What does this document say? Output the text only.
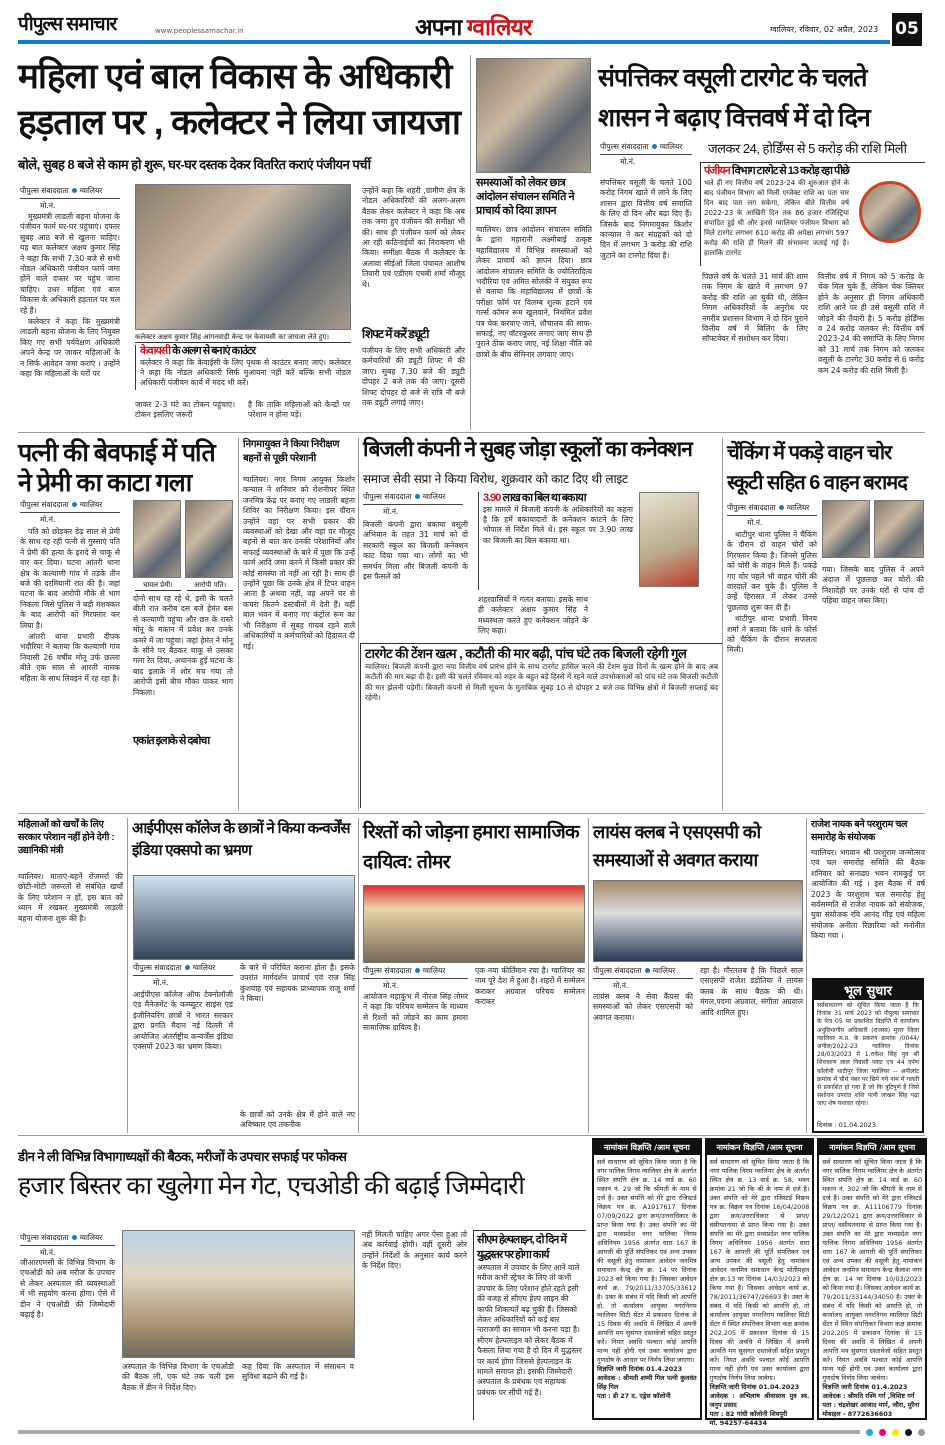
पीपुल्स समाचार	www.peoplessamachar.in	अपना ग्वालियर	ग्वालियर, रविवार, 02 अप्रैल, 2023 05
महिला एवं बाल विकास के अधिकारी
हड़ताल पर , कलेक्टर ने लिया जायजा
बोले, सुबह 8 बजे से काम हो शुरू, घर-घर दस्तक देकर वितरित कराएं पंजीयन पर्ची
पीपुल्स संवाददाता ग्वालियर
मो.नं.

मुख्यमंत्री लाडली बहना योजना के पंजीयन फार्म घर-घर पहुंचाएं। दफ्तर सुबह आठ बजे से खुलना चाहिए। यह बात कलेक्टर अक्षय कुमार सिंह ने कहा कि सभी 7.30 बजे से सभी नोडल अधिकारी पंजीयन फार्म जमा होने वाले दफ्तर पर पहुंच जाना चाहिए। उधर महिला एवं बाल विकास के अधिकारी हड़ताल पर चल रहे हैं।

कलेक्टर ने कहा कि मुख्यमंत्री लाडली बहना योजना के लिए नियुक्त किए गए सभी पर्यवेक्षण अधिकारी अपने केन्द्र पर जाकर महिलाओं के न सिर्फ आवेदन जमा कराएं । उन्होंने कहा कि महिलाओं के घरों पर

कलेक्टर अक्षय कुमार सिंह आंगनवाड़ी केन्द्र पर केवायसी का जायजा लेते हुए।
केवायसी के अलग से बनाएं काउंटर
कलेक्टर ने कहा कि केवाईसी के लिए पृथक से काउंटर बनाए जाएं। कलेक्टर ने कहा कि नोडल अधिकारी सिर्फ मुआयना नहीं करें बल्कि सभी नोडल अधिकारी पंजीयन कार्य में मदद भी करें।
जाकर 2-3 घंटे का टोकन पहुंचाएं। टोकन इसलिए जरूरी
है कि ताकि महिलाओं को केन्द्रों पर परेशान न होना पड़े।
उन्होंने कहा कि शहरी ,ग्रामीण क्षेत्र के नोडल अधिकारियों की अलग-अलग बैठक लेकर कलेक्टर ने कहा कि अब तक जमा हुए पंजीयन की समीक्षा भी की। साथ ही पंजीयन फार्म को लेकर आ रही कठिनाईयों का निराकरण भी किया। समीक्षा बैठक में कलेक्टर के अलावा सीईओ जिला पंचायत आशीष तिवारी एवं एडीएम एचबी शर्मा मौजूद थे।
शिफ्ट में करें ड्यूटी
पंजीयन के लिए सभी अधिकारी और कर्मचारियों की ड्यूटी शिफ्ट में की जाए। सुबह 7.30 बजे की ड्यूटी दोपहर 2 बजे तक की जाए। दूसरी शिफ्ट दोपहर दो बजे से रात्रि नौ बजे तक ड्यूटी लगाई जाए।
समस्याओं को लेकर छात्र आंदोलन संचालन समिति ने प्राचार्य को दिया ज्ञापन
ग्वालियर। छात्र आंदोलन संचालन समिति के द्वारा महारानी लक्ष्मीबाई उत्कृष्ट महाविद्यालय में विभिन्न समस्याओं को लेकर प्राचार्य को ज्ञापन दिया। छात्र आंदोलन संचालन समिति के ज्योतिरादित्य भदौरिया एवं अमित सोलंकी ने संयुक्त रूप से बताया कि महाविद्यालय में छात्रों के परीक्षा फॉर्म पर विलम्ब शुल्क हटाने एवं गर्ल्स कॉमन रूम खुलवाने, नियमित प्रवेश पत्र चेक करवाए जाने, शौचालय की साफ-सफाई, नए वॉटरकूलर लगाए जाए साथ ही पुराने ठीक कराए जाए, नई शिक्षा नीति को छात्रों के बीच सेमिनार लगवाए जाए।
संपत्तिकर वसूली टारगेट के चलते
शासन ने बढ़ाए वित्तवर्ष में दो दिन
पीपुल्स संवाददाता ग्वालियर
मो.नं.
संपत्तिकर वसूली के चलते 100 करोड़ निगम खाते में लाने के लिए शासन द्वारा वित्तीय वर्ष समाप्ति के लिए दो दिन और बढ़ा दिए हैं। जिसके बाद निगमायुक्त किशोर कान्याल ने कर संग्रहकों को दो दिन में लगभग 3 करोड़ की राशि जुटाने का टारगेट दिया है।
जलकर 24, होर्डिंग्स से 5 करोड़ की राशि मिली
पंजीयन विभाग टारगेट से 13 करोड़ रहा पीछे
भले ही नए वित्तीय वर्ष 2023-24 की शुरुआत होने के बाद पंजीयन विभाग को मिली एग्जेक्ट राशि का पता चार दिन बाद पता लग सकेगा, लेकिन बीते वित्तीय वर्ष 2022-23 के आखिरी दिन तक 66 हजार रजिस्ट्रियां संपादित हुई थी और इनसे ग्वालियर पंजीयन विभाग को मिले टारगेट लगभग 610 करोड़ की अपेक्षा लगभग 597 करोड़ की राशि ही मिलने की संभावना जताई गई है। हालांकि टारगेट
पिछले वर्ष के चलते 31 मार्च की शाम तक निगम के खाते में लगभग 97 करोड़ की राशि आ चुकी थी, लेकिन निगम अधिकारियों के अनुरोध पर नगरीय प्रशासन विभाग ने दो दिन पुराने वित्तीय वर्ष में बिलिंग के लिए सॉफ्टवेयर में संशोधन कर दिया।
वित्तीय वर्ष में निगम को 5 करोड़ के चेक मिल चुके हैं, लेकिन चेक क्लियर होने के अनुसार ही निगम अधिकारी राशि आने पर ही उसे वसूली राशि में जोड़ने की तैयारी है। 5 करोड़ होर्डिंग्स व 24 करोड़ जलकर से: वित्तीय वर्ष 2023-24 की समाप्ति के लिए निगम को 31 मार्च तक निगम को जलकर वसूली के टारगेट 30 करोड़ से 6 करोड़ कम 24 करोड़ की राशि मिली है।
पत्नी की बेवफाई में पति
ने प्रेमी का काटा गला
पीपुल्स संवाददाता ग्वालियर
मो.नं.

पति को छोड़कर डेढ़ साल से प्रेमी के साथ रह रही पत्नी से गुस्साएं पति ने प्रेमी की हत्या के इरादे से चाकू से वार कर दिया। घटना आंतरी थाना क्षेत्र के कल्याणी गांव में तड़के तीन बजे की दरमियानी रात की है। जहां घटना के बाद आरोपी मौके से भाग निकला जिसे पुलिस ने बड़ी मशक्कत के बाद आरोपी को गिरफ्तार कर लिया है।

आंतरी थाना प्रभारी दीपक भदौरिया ने बताया कि कल्याणी गांव निवासी 26 वर्षीय मोनू उर्फ छल्ला बीते एक साल से आरती नामक महिला के साथ लिवइन में रह रहा है।

घायल प्रेमी।	आरोपी पति।
दोनो साथ रह रहे थे, इसी के चलते बीती रात करीब दस बजे हेमंत बस से कल्याणी पहुंचा और छत के रास्ते मोनू के मकान में प्रवेश कर उनके कमरे में जा पहुंचा। जहां हेमंत ने मोनू के सीने पर बैठकर चाकू से उसका गला रेत दिया, अचानक हुई घटना के बाद इलाके में शोर मच गया तो आरोपी इसी बीच मौका पाकर भाग निकला।
एकांत इलाके से दबोचा
निगमायुक्त ने किया निरीक्षण बहनों से पूछी परेशानी
ग्वालियर। नगर निगम आयुक्त किशोर कन्याल ने शनिवार को रोशनीघर स्थित जनमित्र केंद्र पर बनाए गए लाडली बहना शिविर का निरीक्षण किया। इस दौरान उन्होंने वहां पर सभी प्रकार की व्यवस्थाओं को देखा और वहां पर मौजूद बहनों से बात कर उनकी परेशानियों और सफाई व्यवस्थाओं के बारे में पूछा कि उन्हें फार्म आदि जमा करने में किसी प्रकार की कोई समस्या तो नहीं आ रही है। साथ ही उन्होंने पूछा कि उनके क्षेत्र में टिपर वाहन आता है अथवा नहीं, वह अपने घर से कचरा कितने डस्टबीनों में देती हैं। वहीं बाल भवन में बनाए गए कंट्रोल रूम का भी निरीक्षण में सुबह गायब रहने वाले अधिकारियों व कर्मचारियों को हिदायत दी गई।
बिजली कंपनी ने सुबह जोड़ा स्कूलों का कनेक्शन
समाज सेवी सप्रा ने किया विरोध, शुक्रवार को काट दिए थी लाइट
पीपुल्स संवाददाता ग्वालियर
मो.नं.
बिजली कंपनी द्वारा बकाया वसूली अभियान के तहत 31 मार्च को दो सरकारी स्कूल का बिजली कनेक्शन काट दिया गया था। लोगों का भी समर्थन मिला और बिजली कंपनी के इस फैसले को
3.90 लाख का बिल था बकाया
इस मामले में बिजली कंपनी के अधिकारियों का कहना है कि हमें बकायादारों के कनेक्शन काटने के लिए भोपाल से निर्देश मिले थे। इस स्कूल पर 3.90 लाख का बिजली का बिल बकाया था।
शहरवासियों ने गलत बताया। इसके साथ ही कलेक्टर अक्षय कुमार सिंह ने मध्यस्थता करते हुए कनेक्शन जोड़ने के लिए कहा।
टारगेट की टेंशन खत्म , कटौती की मार बढ़ी, पांच घंटे तक बिजली रहेगी गुल
ग्वालियर। बिजली कंपनी द्वारा नया वित्तीय वर्ष प्रारंभ होने के साथ टारगेट हासिल करने की टेंशन कुछ दिनों के खत्म होने के बाद अब कटौती की मार बढ़ा दी है। इसी की चलते रविवार को शहर के बहुत बड़े हिस्से में रहने वाले उपभोक्ताओं को पांच घंटे तक बिजली कटौती की मार झेलनी पड़ेगी। बिजली कंपनी से मिली सूचना के मुताबिक सुबह 10 से दोपहर 2 बजे तक विभिन्न क्षेत्रों में बिजली सप्लाई बंद रहेगी।
चेंकिंग में पकड़े वाहन चोर
स्कूटी सहित 6 वाहन बरामद
पीपुल्स संवाददाता ग्वालियर
मो.नं.

थाटीपुर थाना पुलिस ने चैकिंग के दौरान दो वाहन चोरों को गिरफ्तार किया है। जिनसे पुलिस को चोरी के वाहन मिले हैं। पकड़े गए चोर पहले भी वाहन चोरी की वारदातें कर चुके हैं। पुलिस ने उन्हें हिरासत में लेकर उनसे पूछताछ शुरू कर दी है।

थाटीपुर थाना प्रभारी विनय शर्मा ने बताया कि थाने के फोर्स को चैकिंग के दौरान सफलता मिली।

गया। जिसके बाद पुलिस ने अपने अंदाज में पूछताछ कर चोरों की निशादेही पर उनके घरों से पांच दो पहिया वाहन जब्त किए।
महिलाओं को खर्चों के लिए सरकार परेशान नहीं होने देगी : उद्यानिकी मंत्री
ग्वालियर। माताएं-बहनें रोजमर्रा की छोटी-मोटी जरूरतों से संबंधित खर्चों के लिए परेशान न हों, इस बात को ध्यान में रखकर मुख्यमंत्री लाड़ली बहना योजना शुरू की है।
आईपीएस कॉलेज के छात्रों ने किया कन्वर्जेंस इंडिया एक्सपो का भ्रमण
पीपुल्स संवाददाता ग्वालियर
मो.नं.
आईपीएस कॉलेज ऑफ टेक्नोलॉजी एंड मैनेजमेंट के कम्प्यूटर साइंस एंड इंजीनियरिंग छात्रों ने भारत सरकार द्वारा प्रगति मैदान नई दिल्ली में आयोजित अंतर्राष्ट्रीय कन्वर्जेंस इंडिया एक्सपो 2023 का भ्रमण किया।
के बारे में परिचित कराना होता है। इसके उपरांत मार्गदर्शन प्राचार्य एवं राज सिंह कुशवाह एवं सहायक प्राध्यापक राजू शर्मा ने किया।
के छात्रों को उनके क्षेत्र में होने वाले नए अविष्कार एवं तकनीक
रिश्तों को जोड़ना हमारा सामाजिक दायित्व: तोमर
पीपुल्स संवाददाता ग्वालियर
मो.नं.
आयोजन महाकुंभ में नीरज सिंह तोमर ने कहा कि परिचय सम्मेलन के माध्यम से रिश्तों को जोड़ने का काम हमारा सामाजिक दायित्व है।
एक नया कीर्तिमान रचा है। ग्वालियर का नाम पूरे देश में हुआ है। शहरों में सम्मेलन कराकर अग्रवाल परिचय सम्मेलन कराकर
लायंस क्लब ने एसएसपी को समस्याओं से अवगत कराया
पीपुल्स संवाददाता ग्वालियर
मो.नं.
लायंस क्लब ने सेवा कैंपस की समस्याओं को लेकर एसएसपी को अवगत कराया।
रहा है। गौरतलब है कि पिछले साल एसएसपी राजेश डंडोतिया ने लायंस क्लब के साथ बैठक की थी। मंगल,पदमा अग्रवाल, संगीता अग्रवाल आदि शामिल हुए।
राजेश नायक बने परशुराम चल समारोह के संयोजक
ग्वालियर। भगवान श्री परशुराम जन्मोत्सव एवं चल समारोह समिति की बैठक शनिवार को सनाढ्य भवन रामकुई पर आयोजित की गई । इस बैठक में वर्ष 2023 के परशुराम चल समारोह हेतु सर्वसम्मति से राजेश नायक को संयोजक, युवा संयोजक रवि आनंद गौड़ एवं महिला संयोजक अनीता रिछारिया को मनोनीत किया गया ।
भूल सुधार
सर्वसाधारण को सूचित किया जाता है कि दिनांक 31 मार्च 2023 को पीपुल्स समाचार के पेज 05 पर प्रकाशित विज्ञप्ति में कार्यालय अनुविभागीय अधिकारी (राजस्व) मुरार जिला ग्वालियर म.प्र. के प्रकरण क्रमांक /0044/अपील/2022-23 ग्वालियर दिनांक 28/03/2023 में 1.राकेश सिंह पुत्र श्री शिवचरण लाल निवासी प्लाट एच 44 दर्पण कॉलोनी थाटीपुर जिला ग्वालियर -- अपीलांट क्रमांक में चौथे नंबर पर छिपे गये नाम में गलती से प्रकाशित हो गया है जो कि त्रुटिपूर्ण है जिसे संशोधन उपरांत शशि पत्नी लाखन सिंह पढ़ा जाए शेष यथावत रहेगा।
दिनांक : 01.04.2023
डीन ने ली विभिन्न विभागाध्यक्षों की बैठक, मरीजों के उपचार सफाई पर फोकस
हजार बिस्तर का खुलेगा मेन गेट, एचओडी की बढ़ाई जिम्मेदारी
पीपुल्स संवाददाता ग्वालियर
मो.नं.
जीआरएमसी के विभिन्न विभाग के एचओडी को अब मरीज के उपचार से लेकर अस्पताल की व्यवस्थाओं में भी सहयोग करना होगा। ऐसे में डीन ने एचओडी की जिम्मेदारी बढ़ाई है।
अस्पताल के विभिन्न विभाग के एचओडी की बैठक ली, एक घंटे तक चली इस बैठक में डीन ने निर्देश दिए।
कह दिया कि अस्पताल में संसाधन व सुविधा बढ़ाने की गई है।
नहीं मिलती चाहिए अगर ऐसा हुआ तो अब कार्रवाई होगी। वहीं दूसरी ओर उन्होंने निर्देशों के अनुसार कार्य करने के निर्देश दिए।
सीएम हेल्पलाइन, दो दिन में युद्धस्तर पर होगा कार्य
अस्पताल में उपचार के लिए आने वाले मरीज कभी स्ट्रेचर के लिए तो कभी उपचार के लिए परेशान होते रहते इसी की वजह से सीएम हेल्प लाइन की काफी शिकायतें बढ़ चुकी हैं। जिसको लेकर अधिकारियों को कई बार नाराजगी का सामान भी करना पड़ा है। सीएम हेल्पलाइन को लेकर बैठक में फैसला लिया गया है दो दिन में युद्धस्तर पर कार्य होगा जिससे हेल्पलाइन के मामले समाप्त हो। इसकी जिम्मेदारी अस्पताल के प्रबंधक एवं सहायक प्रबंधक पर सौंपी गई है।
नामांकन विज्ञप्ति /आम सूचना
सर्व साधारण को सूचित किया जाता है कि नगर पालिक निगम ग्वालियर क्षेत्र के अंतर्गत स्थित संपत्ति क्षेत्र क्र. 14 वार्ड क्र. 60 मकान नं. 29 जो कि श्रीमती के नाम से दर्ज है। उक्त संपत्ति को मेरे द्वारा रजिस्टर्ड विक्रय पत्र क्र. A1917617 दिनांक 07/09/2022 द्वारा क्रय/उत्तराधिकार के प्राप्त किया गया है। उक्त संपत्ति का मेरे द्वारा मध्यप्रदेश नगर पालिका निगम अधिनियम 1956 अंतर्गत धारा 167 के आपत्ती की पूर्ति संपत्तिकर एवं अन्य उपकर की वसूली हेतु नामांकन आवेदन जनमित्र समाधान केन्द्र क्षेत्र क्र. 14 पर दिनांक 2023 को किया गया है। जिसका आवेदन कार्य क्र. 79/2011/33705/33612 है। उक्त के संबंध में यदि किसी को आपत्ति हो, तो कार्यालय आयुक्त नगरनिगम ग्वालियर सिटी सेंटर में प्रकाशन दिनांक से 15 दिवस की अवधि में लिखित में अपनी आपत्ति मय सुसंगत दस्तावेजों सहित प्रस्तुत करें। नियत अवधि पश्चात कोई आपत्ति मान्य नहीं होगी एवं उक्त कार्यालय द्वारा गुणदोष के आधार पर निर्णय लिया जाएगा।
विज्ञप्ति जारी दिनांक 01.4.2023
आवेदक : श्रीमती शम्मी गिल पत्नी कुलवंत सिंह गिल
पता : डी 27 द. एड्रेस कॉलोनी
नामांकन विज्ञप्ति /आम सूचना
सर्व साधारण को सूचित किया जाता है कि नगर पालिक निगम ग्वालियर क्षेत्र के अंतर्गत स्थित क्षेत्र क्र. 13 वार्ड क्र. 58, भवन क्रमांक 21 जो कि श्री के नाम से दर्ज है। उक्त संपत्ति को मेरे द्वारा रजिस्टर्ड विक्रय पत्र क्र. विक्रय पत्र दिनांक 16/04/2008 द्वारा क्रय/उत्तराधिकार से प्राप्त/ वसीयतनामा से प्राप्त किया गया है। उक्त संपत्ति का मेरे द्वारा मध्यप्रदेश नगर पालिक निगम अधिनियम 1956 अंतर्गत धारा 167 के आपत्ती की पूर्ति संपत्तिकर एवं अन्य उपकर की वसूली हेतु नामांकन आवेदन जनमित्र समाधान केन्द्र मोतीमहल क्षेत्र क्र.13 पर दिनांक 14/03/2023 को किया गया है। जिसका आवेदन कार्य क्र. 78/2011/36747/26693 है। उक्त के संबंध में यदि किसी को आपत्ति हो, तो कार्यालय आयुक्त नगरनिगम ग्वालियर सिटी सेंटर में स्थित संपत्तिकर विभाग कक्ष क्रमांक 202,205 में प्रकाशन दिनांक से 15 दिवस की अवधि में लिखित में अपनी आपत्ति मय सुसंगत दस्तावेजों सहित प्रस्तुत करें। नियत अवधि पश्चात कोई आपत्ति मान्य नहीं होगी एवं उक्त कार्यालय द्वारा गुणदोष निर्णय लिया जावेगा।
विज्ञप्ति जारी दिनांक 01.04.2023
आवेदक : अभिलाष श्रीवास्तव पुत्र स्व. जनुप प्रसाद
पता : 82 गांधी कॉलोनी शिवपुरी
मो. 94257-64434
नामांकन विज्ञप्ति /आम सूचना
सर्व साधारण को सूचित किया जाता है कि नगर पालिक निगम ग्वालियर क्षेत्र के अंतर्गत स्थित संपत्ति क्षेत्र क्र. 14 वार्ड क्र. 60 मकान नं. 302 जो कि श्रीमती के नाम से दर्ज है। उक्त संपत्ति को मेरे द्वारा रजिस्टर्ड विक्रय पत्र क्र. A11106779 दिनांक 29/12/2021 द्वारा क्रय/उत्तराधिकार से प्राप्त/ वसीयतनामा से प्राप्त किया गया है। उक्त संपत्ति का मेरे द्वारा मध्यप्रदेश नगर पालिक निगम अधिनियम 1956 अंतर्गत धारा 167 के आपत्ती की पूर्ति संपत्तिकर एवं अन्य उपकर की वसूली हेतु नामांकन आवेदन जनमित्र समाधान केन्द्र कैलाश नगर क्षेत्र क्र. 14 पर दिनांक 10/03/2023 को किया गया है। जिसका आवेदन कार्य क्र. 79/2011/33144/34050 है। उक्त के संबंध में यदि किसी को आपत्ति हो, तो कार्यालय आयुक्त नगरनिगम ग्वालियर सिटी सेंटर में स्थित संपत्तिकर विभाग कक्ष क्रमांक 202,205 में प्रकाशन दिनांक से 15 दिवस की अवधि में लिखित में अपनी आपत्ति मय सुसंगत दस्तावेजों सहित प्रस्तुत करें। नियत अवधि पश्चात कोई आपत्ति मान्य नहीं होगी एवं उक्त कार्यालय द्वारा गुणदोष निर्णय लिया जावेगा।
विज्ञप्ति जारी दिनांक 01.4.2023
आवेदक : श्रीमति रश्मि गर्ग ,विशिष्ट गर्ग
पता : चंद्रशेखर आजाद मार्ग, जौरा, मुरैना
मोबाइल - 8772636603
